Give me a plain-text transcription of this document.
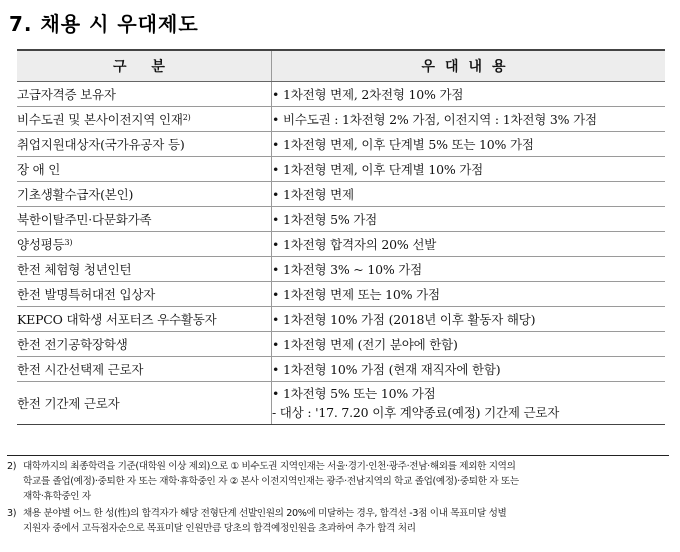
7. 채용 시 우대제도
구 분	우대내용
고급자격증 보유자	• 1차전형 면제, 2차전형 10% 가점

비수도권 및 본사이전지역 인재$^{2)}$	• 비수도권 : 1차전형 2% 가점, 이전지역 : 1차전형 3% 가점

취업지원대상자(국가유공자 등)	• 1차전형 면제, 이후 단계별 5% 또는 10% 가점

장 애 인	• 1차전형 면제, 이후 단계별 10% 가점

기초생활수급자(본인)	• 1차전형 면제

북한이탈주민·다문화가족	• 1차전형 5% 가점

양성평등$^{3)}$	• 1차전형 합격자의 20% 선발

한전 체험형 청년인턴	• 1차전형 3% ~ 10% 가점

한전 발명특허대전 입상자	• 1차전형 면제 또는 10% 가점

KEPCO 대학생 서포터즈 우수활동자	• 1차전형 10% 가점 (2018년 이후 활동자 해당)

한전 전기공학장학생	• 1차전형 면제 (전기 분야에 한함)

한전 시간선택제 근로자	• 1차전형 10% 가점 (현재 재직자에 한함)

한전 기간제 근로자	• 1차전형 5% 또는 10% 가점
- 대상 : '17. 7.20 이후 계약종료(예정) 기간제 근로자
2) 대학까지의 최종학력을 기준(대학원 이상 제외)으로 ① 비수도권 지역인재는 서울·경기·인천·광주·전남·해외를 제외한 지역의
학교를 졸업(예정)·중퇴한 자 또는 재학·휴학중인 자 ② 본사 이전지역인재는 광주·전남지역의 학교 졸업(예정)·중퇴한 자 또는
재학·휴학중인 자
3) 채용 분야별 어느 한 성(性)의 합격자가 해당 전형단계 선발인원의 20%에 미달하는 경우, 합격선 -3점 이내 목표미달 성별
지원자 중에서 고득점자순으로 목표미달 인원만큼 당초의 합격예정인원을 초과하여 추가 합격 처리
